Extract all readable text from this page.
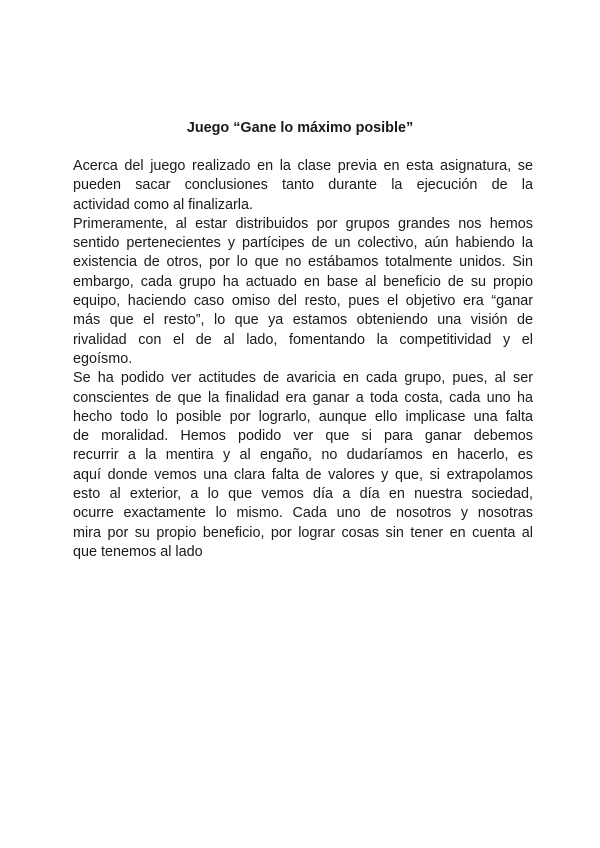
Juego “Gane lo máximo posible”
Acerca del juego realizado en la clase previa en esta asignatura, se
pueden sacar conclusiones tanto durante la ejecución de la
actividad como al finalizarla.
Primeramente, al estar distribuidos por grupos grandes nos hemos
sentido pertenecientes y partícipes de un colectivo, aún habiendo la
existencia de otros, por lo que no estábamos totalmente unidos. Sin
embargo, cada grupo ha actuado en base al beneficio de su propio
equipo, haciendo caso omiso del resto, pues el objetivo era “ganar
más que el resto”, lo que ya estamos obteniendo una visión de
rivalidad con el de al lado, fomentando la competitividad y el
egoísmo.
Se ha podido ver actitudes de avaricia en cada grupo, pues, al ser
conscientes de que la finalidad era ganar a toda costa, cada uno ha
hecho todo lo posible por lograrlo, aunque ello implicase una falta
de moralidad. Hemos podido ver que si para ganar debemos
recurrir a la mentira y al engaño, no dudaríamos en hacerlo, es
aquí donde vemos una clara falta de valores y que, si extrapolamos
esto al exterior, a lo que vemos día a día en nuestra sociedad,
ocurre exactamente lo mismo. Cada uno de nosotros y nosotras
mira por su propio beneficio, por lograr cosas sin tener en cuenta al
que tenemos al lado
